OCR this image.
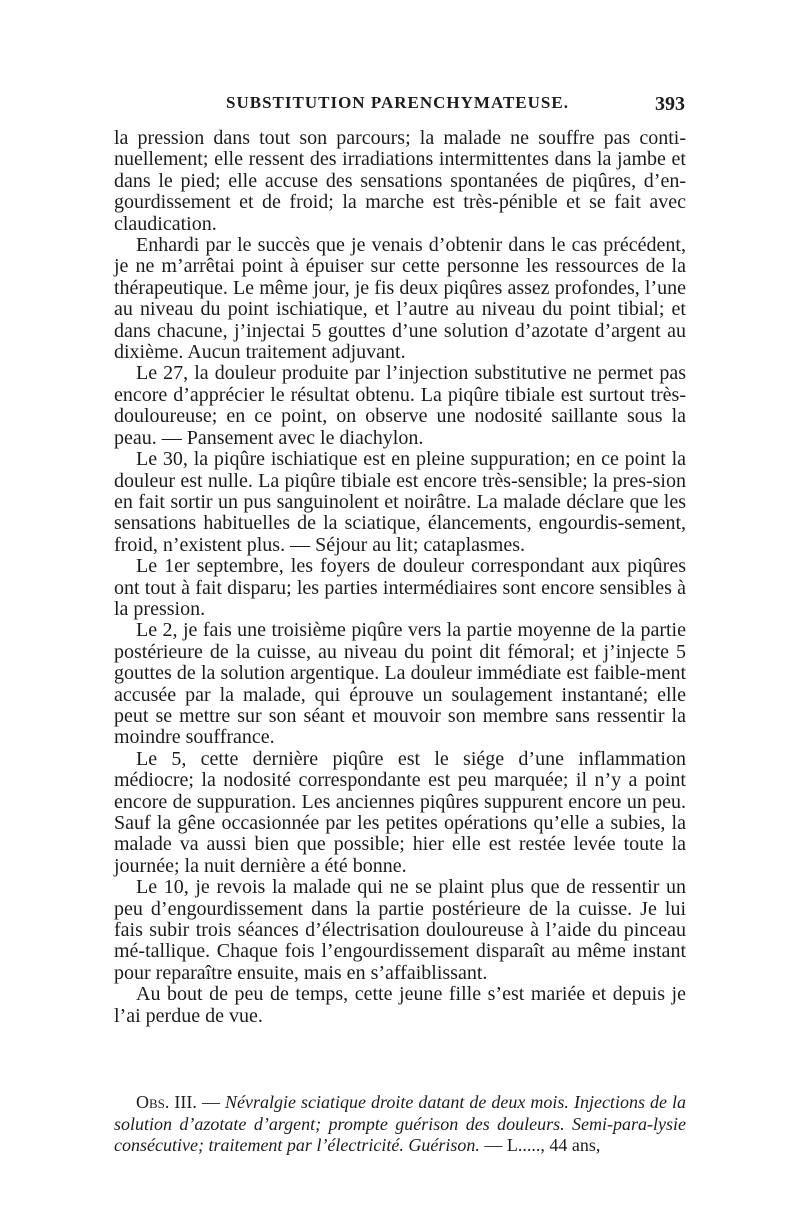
SUBSTITUTION PARENCHYMATEUSE.	393

la pression dans tout son parcours; la malade ne souffre pas conti-nuellement; elle ressent des irradiations intermittentes dans la jambe et dans le pied; elle accuse des sensations spontanées de piqûres, d’en-gourdissement et de froid; la marche est très-pénible et se fait avec claudication.

Enhardi par le succès que je venais d’obtenir dans le cas précédent, je ne m’arrêtai point à épuiser sur cette personne les ressources de la thérapeutique. Le même jour, je fis deux piqûres assez profondes, l’une au niveau du point ischiatique, et l’autre au niveau du point tibial; et dans chacune, j’injectai 5 gouttes d’une solution d’azotate d’argent au dixième. Aucun traitement adjuvant.

Le 27, la douleur produite par l’injection substitutive ne permet pas encore d’apprécier le résultat obtenu. La piqûre tibiale est surtout très-douloureuse; en ce point, on observe une nodosité saillante sous la peau. — Pansement avec le diachylon.

Le 30, la piqûre ischiatique est en pleine suppuration; en ce point la douleur est nulle. La piqûre tibiale est encore très-sensible; la pres-sion en fait sortir un pus sanguinolent et noirâtre. La malade déclare que les sensations habituelles de la sciatique, élancements, engourdis-sement, froid, n’existent plus. — Séjour au lit; cataplasmes.

Le 1er septembre, les foyers de douleur correspondant aux piqûres ont tout à fait disparu; les parties intermédiaires sont encore sensibles à la pression.

Le 2, je fais une troisième piqûre vers la partie moyenne de la partie postérieure de la cuisse, au niveau du point dit fémoral; et j’injecte 5 gouttes de la solution argentique. La douleur immédiate est faible-ment accusée par la malade, qui éprouve un soulagement instantané; elle peut se mettre sur son séant et mouvoir son membre sans ressentir la moindre souffrance.

Le 5, cette dernière piqûre est le siége d’une inflammation médiocre; la nodosité correspondante est peu marquée; il n’y a point encore de suppuration. Les anciennes piqûres suppurent encore un peu. Sauf la gêne occasionnée par les petites opérations qu’elle a subies, la malade va aussi bien que possible; hier elle est restée levée toute la journée; la nuit dernière a été bonne.

Le 10, je revois la malade qui ne se plaint plus que de ressentir un peu d’engourdissement dans la partie postérieure de la cuisse. Je lui fais subir trois séances d’électrisation douloureuse à l’aide du pinceau mé-tallique. Chaque fois l’engourdissement disparaît au même instant pour reparaître ensuite, mais en s’affaiblissant.

Au bout de peu de temps, cette jeune fille s’est mariée et depuis je l’ai perdue de vue.

Obs. III. — Névralgie sciatique droite datant de deux mois. Injections de la solution d’azotate d’argent; prompte guérison des douleurs. Semi-para-lysie consécutive; traitement par l’électricité. Guérison. — L....., 44 ans,
